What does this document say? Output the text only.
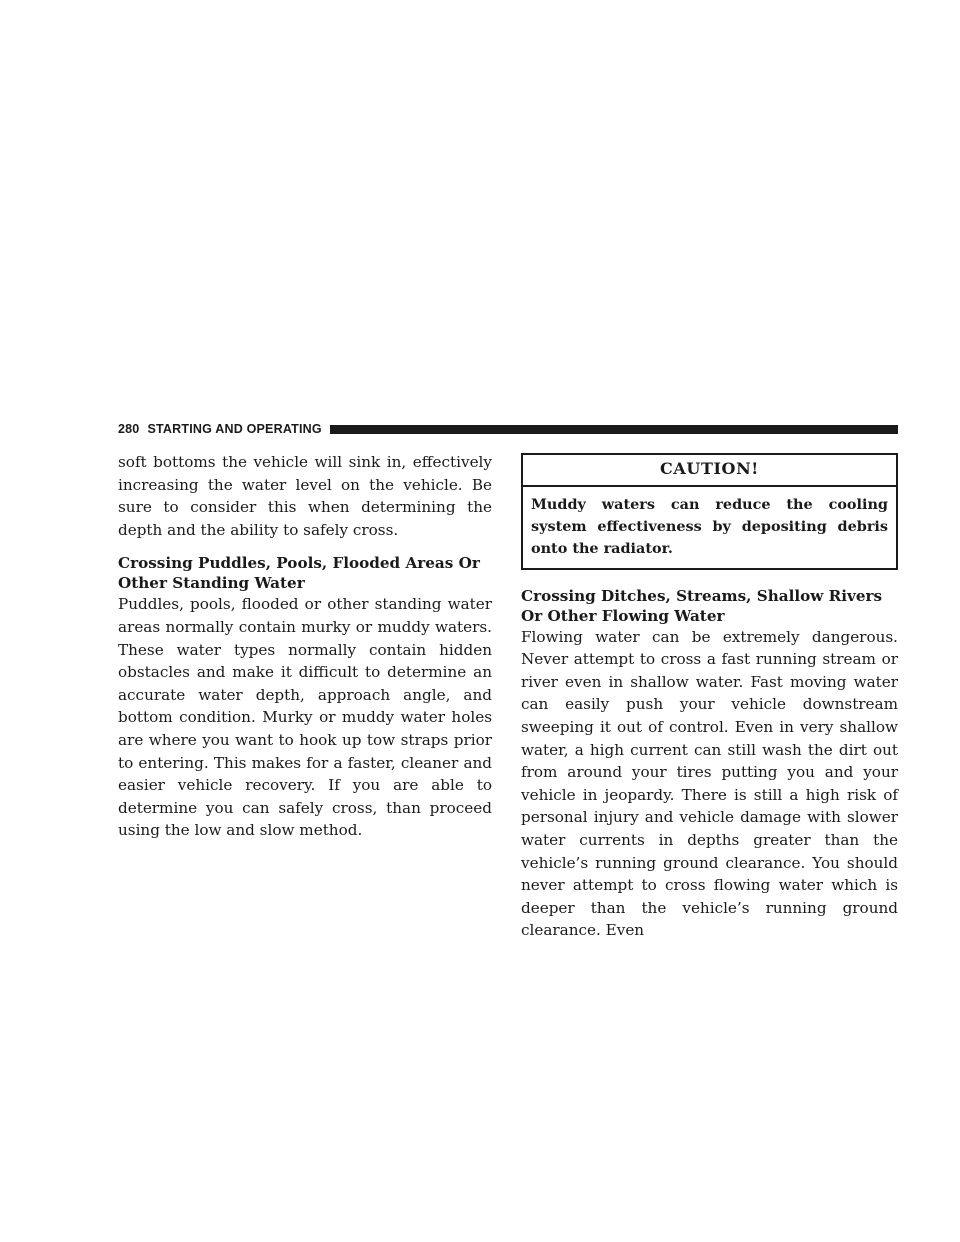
280 STARTING AND OPERATING

soft bottoms the vehicle will sink in, effectively increasing the water level on the vehicle. Be sure to consider this when determining the depth and the ability to safely cross.

Crossing Puddles, Pools, Flooded Areas Or Other Standing Water

Puddles, pools, flooded or other standing water areas normally contain murky or muddy waters. These water types normally contain hidden obstacles and make it difficult to determine an accurate water depth, approach angle, and bottom condition. Murky or muddy water holes are where you want to hook up tow straps prior to entering. This makes for a faster, cleaner and easier vehicle recovery. If you are able to determine you can safely cross, than proceed using the low and slow method.

CAUTION!
Muddy waters can reduce the cooling system effectiveness by depositing debris onto the radiator.
Crossing Ditches, Streams, Shallow Rivers Or Other Flowing Water

Flowing water can be extremely dangerous. Never attempt to cross a fast running stream or river even in shallow water. Fast moving water can easily push your vehicle downstream sweeping it out of control. Even in very shallow water, a high current can still wash the dirt out from around your tires putting you and your vehicle in jeopardy. There is still a high risk of personal injury and vehicle damage with slower water currents in depths greater than the vehicle’s running ground clearance. You should never attempt to cross flowing water which is deeper than the vehicle’s running ground clearance. Even
